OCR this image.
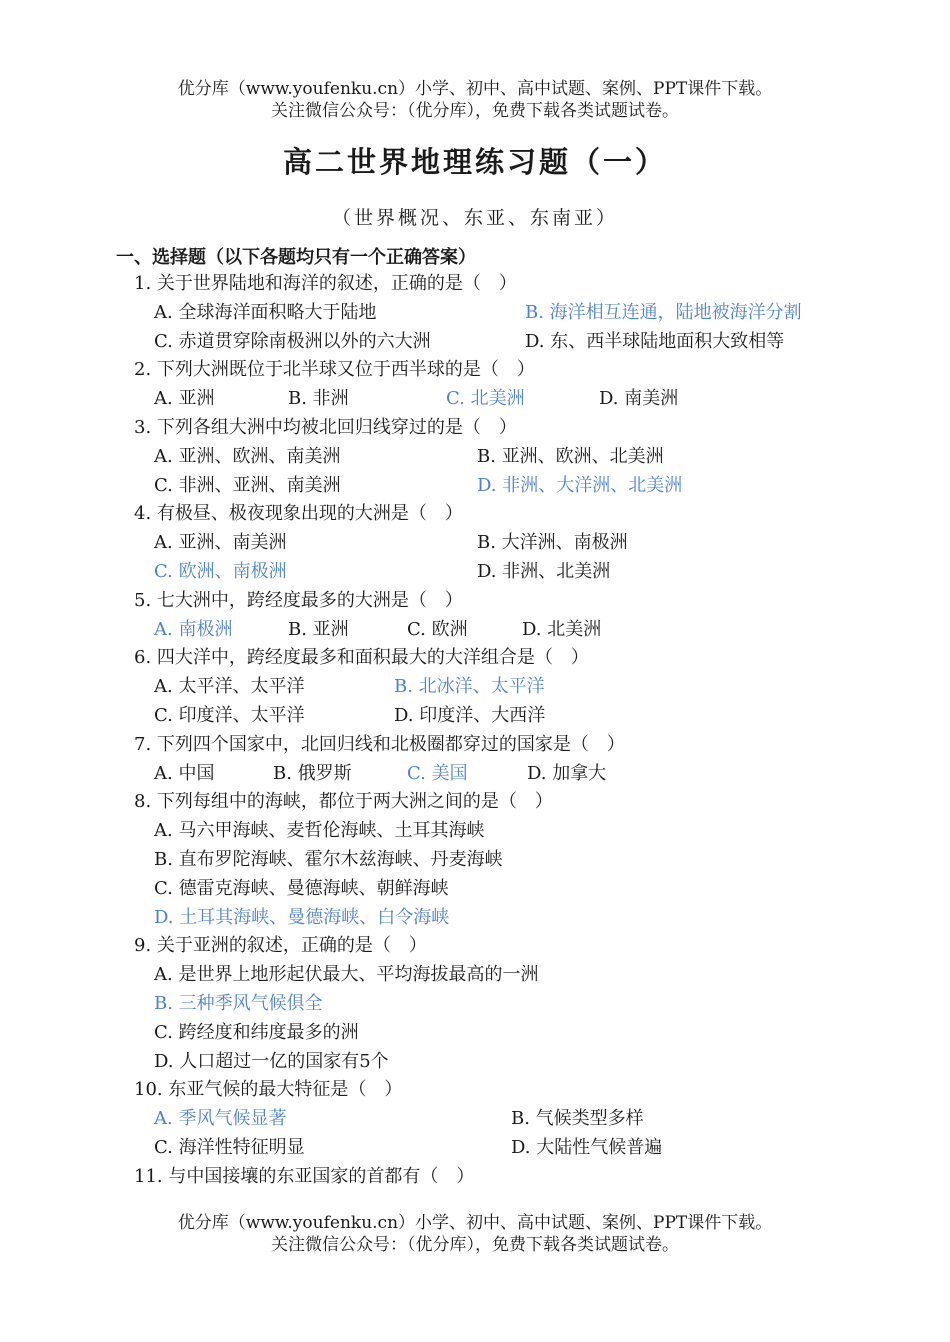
优分库（www.youfenku.cn）小学、初中、高中试题、案例、PPT课件下载。
关注微信公众号：（优分库），免费下载各类试题试卷。
高二世界地理练习题（一）
（世界概况、东亚、东南亚）
一、选择题（以下各题均只有一个正确答案）
1. 关于世界陆地和海洋的叙述，正确的是（　）
A. 全球海洋面积略大于陆地	B. 海洋相互连通，陆地被海洋分割
C. 赤道贯穿除南极洲以外的六大洲	D. 东、西半球陆地面积大致相等
2. 下列大洲既位于北半球又位于西半球的是（　）
A. 亚洲	B. 非洲	C. 北美洲	D. 南美洲
3. 下列各组大洲中均被北回归线穿过的是（　）
A. 亚洲、欧洲、南美洲	B. 亚洲、欧洲、北美洲
C. 非洲、亚洲、南美洲	D. 非洲、大洋洲、北美洲
4. 有极昼、极夜现象出现的大洲是（　）
A. 亚洲、南美洲	B. 大洋洲、南极洲
C. 欧洲、南极洲	D. 非洲、北美洲
5. 七大洲中，跨经度最多的大洲是（　）
A. 南极洲	B. 亚洲	C. 欧洲	D. 北美洲
6. 四大洋中，跨经度最多和面积最大的大洋组合是（　）
A. 太平洋、太平洋	B. 北冰洋、太平洋
C. 印度洋、太平洋	D. 印度洋、大西洋
7. 下列四个国家中，北回归线和北极圈都穿过的国家是（　）
A. 中国	B. 俄罗斯	C. 美国	D. 加拿大
8. 下列每组中的海峡，都位于两大洲之间的是（　）
A. 马六甲海峡、麦哲伦海峡、土耳其海峡
B. 直布罗陀海峡、霍尔木兹海峡、丹麦海峡
C. 德雷克海峡、曼德海峡、朝鲜海峡
D. 土耳其海峡、曼德海峡、白令海峡
9. 关于亚洲的叙述，正确的是（　）
A. 是世界上地形起伏最大、平均海拔最高的一洲
B. 三种季风气候俱全
C. 跨经度和纬度最多的洲
D. 人口超过一亿的国家有5个
10. 东亚气候的最大特征是（　）
A. 季风气候显著	B. 气候类型多样
C. 海洋性特征明显	D. 大陆性气候普遍
11. 与中国接壤的东亚国家的首都有（　）
优分库（www.youfenku.cn）小学、初中、高中试题、案例、PPT课件下载。
关注微信公众号：（优分库），免费下载各类试题试卷。
